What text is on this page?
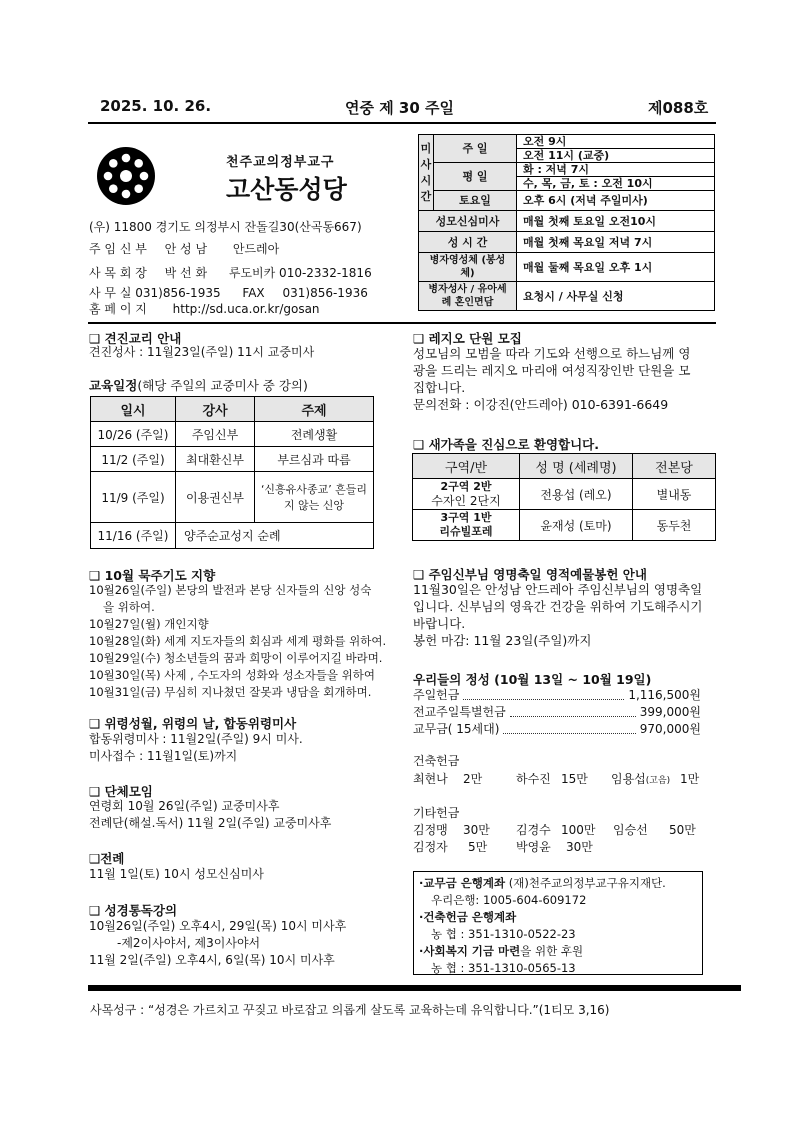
2025. 10. 26.	연중 제 30 주일	제088호
천주교의정부교구
고산동성당
(우) 11800 경기도 의정부시 잔돌길30(산곡동667)
주 임 신 부 안 성 남 안드레아
사 목 회 장 박 선 화 루도비카 010-2332-1816
사 무 실 031)856-1935 FAX 031)856-1936
홈 페 이 지 http://sd.uca.or.kr/gosan
미
사
시
간	주 일	오전 9시
		오전 11시 (교중)
	평 일	화 : 저녁 7시
		수, 목, 금, 토 : 오전 10시
	토요일	오후 6시 (저녁 주일미사)
성모신심미사		매월 첫째 토요일 오전10시
성 시 간		매월 첫째 목요일 저녁 7시
병자영성체 (봉성체)		매월 둘째 목요일 오후 1시
병자성사 / 유아세례 혼인면담		요청시 / 사무실 신청
❑ 견진교리 안내
견진성사 : 11월23일(주일) 11시 교중미사
교육일정(해당 주일의 교중미사 중 강의)
일시	강사	주제
10/26 (주일)	주임신부	전례생활
11/2 (주일)	최대환신부	부르심과 따름
11/9 (주일)	이용권신부	‘신흥유사종교’ 흔들리지 않는 신앙
11/16 (주일)	양주순교성지 순례	
❑ 10월 묵주기도 지향
10월26일(주일) 본당의 발전과 본당 신자들의 신앙 성숙
을 위하여.
10월27일(월) 개인지향
10월28일(화) 세계 지도자들의 회심과 세계 평화를 위하여.
10월29일(수) 청소년들의 꿈과 희망이 이루어지길 바라며.
10월30일(목) 사제 , 수도자의 성화와 성소자들을 위하여
10월31일(금) 무심히 지나쳤던 잘못과 냉담을 회개하며.
❑ 위령성월, 위령의 날, 합동위령미사
합동위령미사 : 11월2일(주일) 9시 미사.
미사접수 : 11월1일(토)까지
❑ 단체모임
연령회 10월 26일(주일) 교중미사후
전례단(해설.독서) 11월 2일(주일) 교중미사후
❑전례
11월 1일(토) 10시 성모신심미사
❑ 성경통독강의
10월26일(주일) 오후4시, 29일(목) 10시 미사후
-제2이사야서, 제3이사야서
11월 2일(주일) 오후4시, 6일(목) 10시 미사후
❑ 레지오 단원 모집
성모님의 모범을 따라 기도와 선행으로 하느님께 영
광을 드리는 레지오 마리애 여성직장인반 단원을 모
집합니다.
문의전화 : 이강진(안드레아) 010-6391-6649
❑ 새가족을 진심으로 환영합니다.
구역/반	성 명 (세례명)	전본당

2구역 2반
수자인 2단지	전용섭 (레오)	별내동

3구역 1반
리슈빌포레	윤재성 (토마)	동두천
❑ 주임신부님 영명축일 영적예물봉헌 안내
11월30일은 안성남 안드레아 주임신부님의 영명축일
입니다. 신부님의 영육간 건강을 위하여 기도해주시기
바랍니다.
봉헌 마감: 11월 23일(주일)까지
우리들의 정성 (10월 13일 ~ 10월 19일)
주일헌금	1,116,500원
전교주일특별헌금	399,000원
교무금( 15세대)	970,000원
건축헌금
최현나 2만	하수진 15만 임용섭(고음) 1만
기타헌금
김정맹 30만 김경수 100만 임승선 50만
김정자 5만 박영윤 30만
·교무금 은행계좌 (재)천주교의정부교구유지재단.
우리은행: 1005-604-609172
·건축헌금 은행계좌
농 협 : 351-1310-0522-23
·사회복지 기금 마련을 위한 후원
농 협 : 351-1310-0565-13
사목성구 : “성경은 가르치고 꾸짖고 바로잡고 의롭게 살도록 교육하는데 유익합니다.”(1티모 3,16)
